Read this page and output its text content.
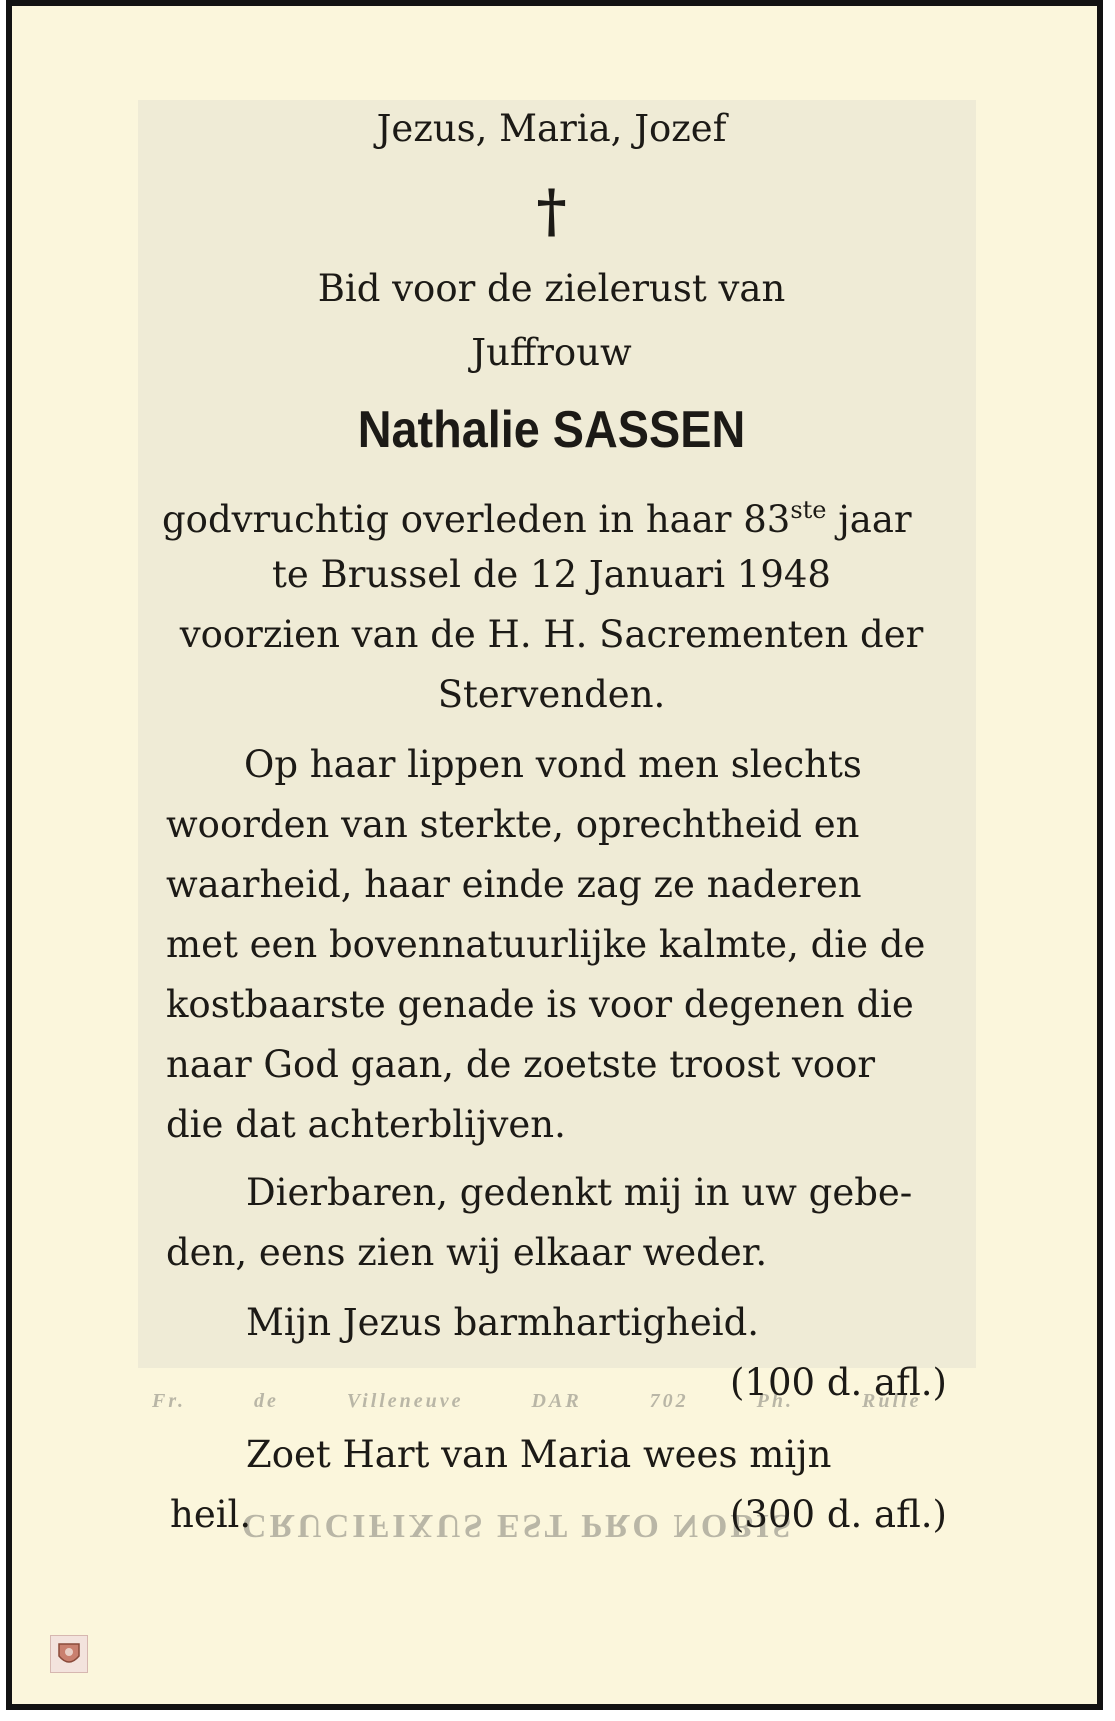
Fr. de Villeneuve DAR 702 Ph. Rulle
CRUCIFIXUS EST PRO NOBIS
Jezus, Maria, Jozef
†
Bid voor de zielerust van
Juffrouw
Nathalie SASSEN
godvruchtig overleden in haar 83ste jaar
te Brussel de 12 Januari 1948
voorzien van de H. H. Sacrementen der
Stervenden.
Op haar lippen vond men slechts
woorden van sterkte, oprechtheid en
waarheid, haar einde zag ze naderen
met een bovennatuurlijke kalmte, die de
kostbaarste genade is voor degenen die
naar God gaan, de zoetste troost voor
die dat achterblijven.
Dierbaren, gedenkt mij in uw gebe-
den, eens zien wij elkaar weder.
Mijn Jezus barmhartigheid.
(100 d. afl.)
Zoet Hart van Maria wees mijn
heil.	(300 d. afl.)
